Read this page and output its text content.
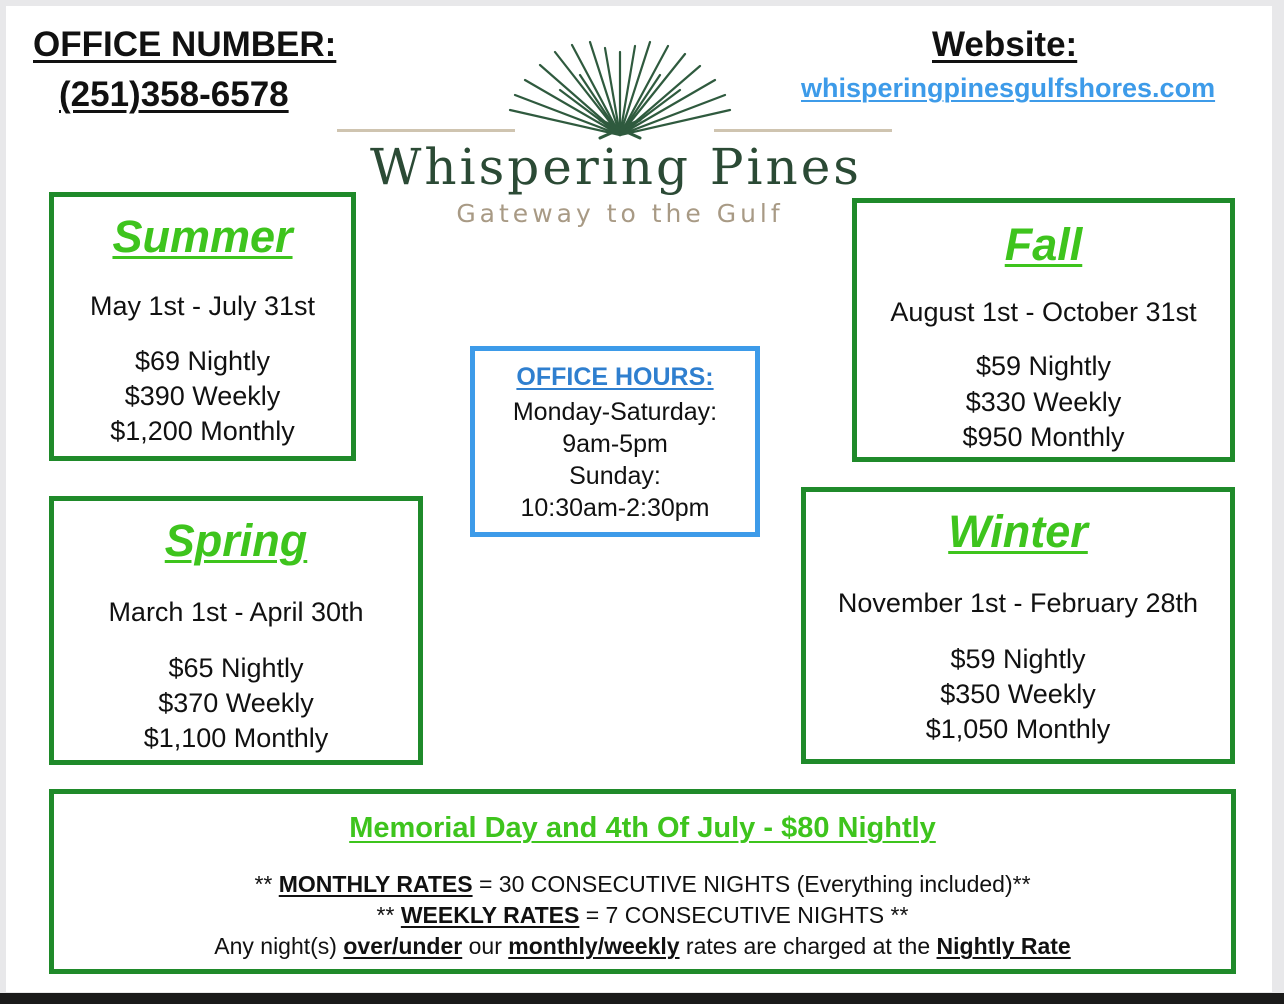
OFFICE NUMBER:
(251)358-6578
Website:
whisperingpinesgulfshores.com
Whispering Pines
Gateway to the Gulf
Summer
May 1st - July 31st
$69 Nightly
$390 Weekly
$1,200 Monthly
Fall
August 1st - October 31st
$59 Nightly
$330 Weekly
$950 Monthly
OFFICE HOURS:
Monday-Saturday:
9am-5pm
Sunday:
10:30am-2:30pm
Spring
March 1st - April 30th
$65 Nightly
$370 Weekly
$1,100 Monthly
Winter
November 1st - February 28th
$59 Nightly
$350 Weekly
$1,050 Monthly
Memorial Day and 4th Of July - $80 Nightly
** MONTHLY RATES = 30 CONSECUTIVE NIGHTS (Everything included)**
** WEEKLY RATES = 7 CONSECUTIVE NIGHTS **
Any night(s) over/under our monthly/weekly rates are charged at the Nightly Rate
